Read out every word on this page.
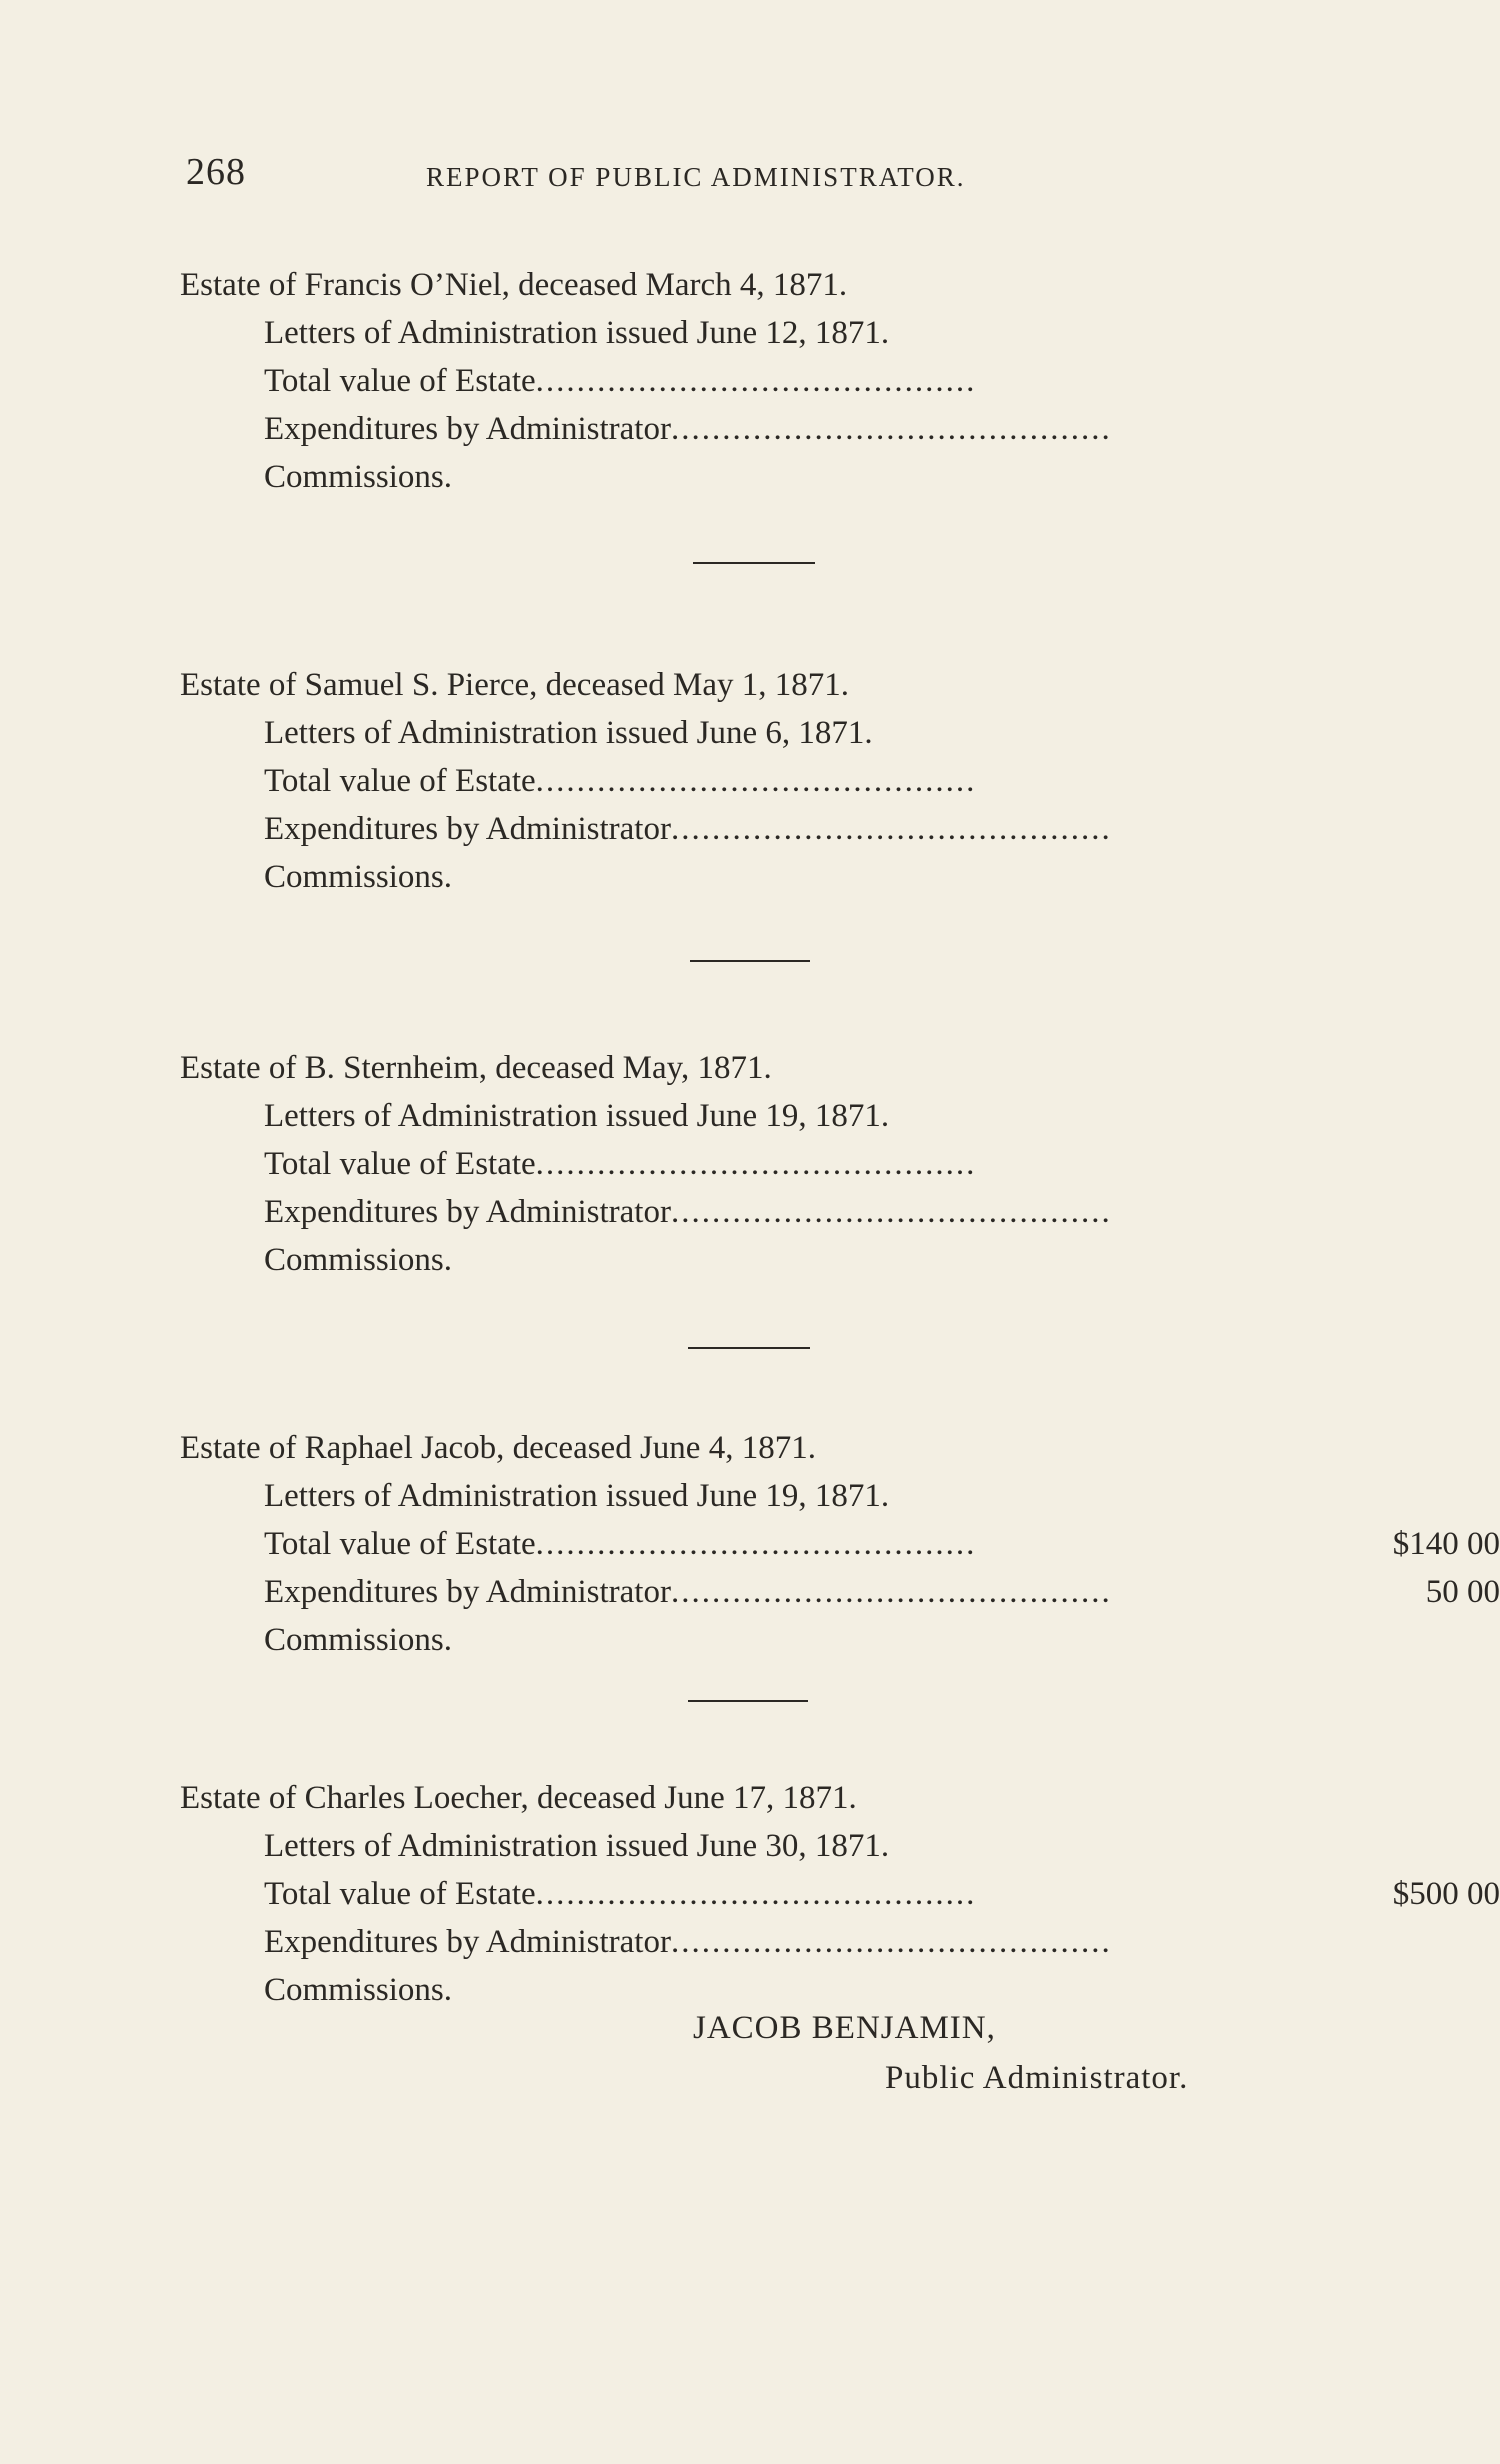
268	REPORT OF PUBLIC ADMINISTRATOR.
Estate of Francis O’Niel, deceased March 4, 1871.
Letters of Administration issued June 12, 1871.
Total value of Estate ...........................................
Expenditures by Administrator ...........................................
Commissions.
Estate of Samuel S. Pierce, deceased May 1, 1871.
Letters of Administration issued June 6, 1871.
Total value of Estate ...........................................
Expenditures by Administrator ...........................................
Commissions.
Estate of B. Sternheim, deceased May, 1871.
Letters of Administration issued June 19, 1871.
Total value of Estate ...........................................
Expenditures by Administrator ...........................................
Commissions.
Estate of Raphael Jacob, deceased June 4, 1871.
Letters of Administration issued June 19, 1871.
Total value of Estate ...........................................	$140 00
Expenditures by Administrator ...........................................	50 00
Commissions.
Estate of Charles Loecher, deceased June 17, 1871.
Letters of Administration issued June 30, 1871.
Total value of Estate ...........................................	$500 00
Expenditures by Administrator ...........................................
Commissions.
JACOB BENJAMIN,
Public Administrator.
